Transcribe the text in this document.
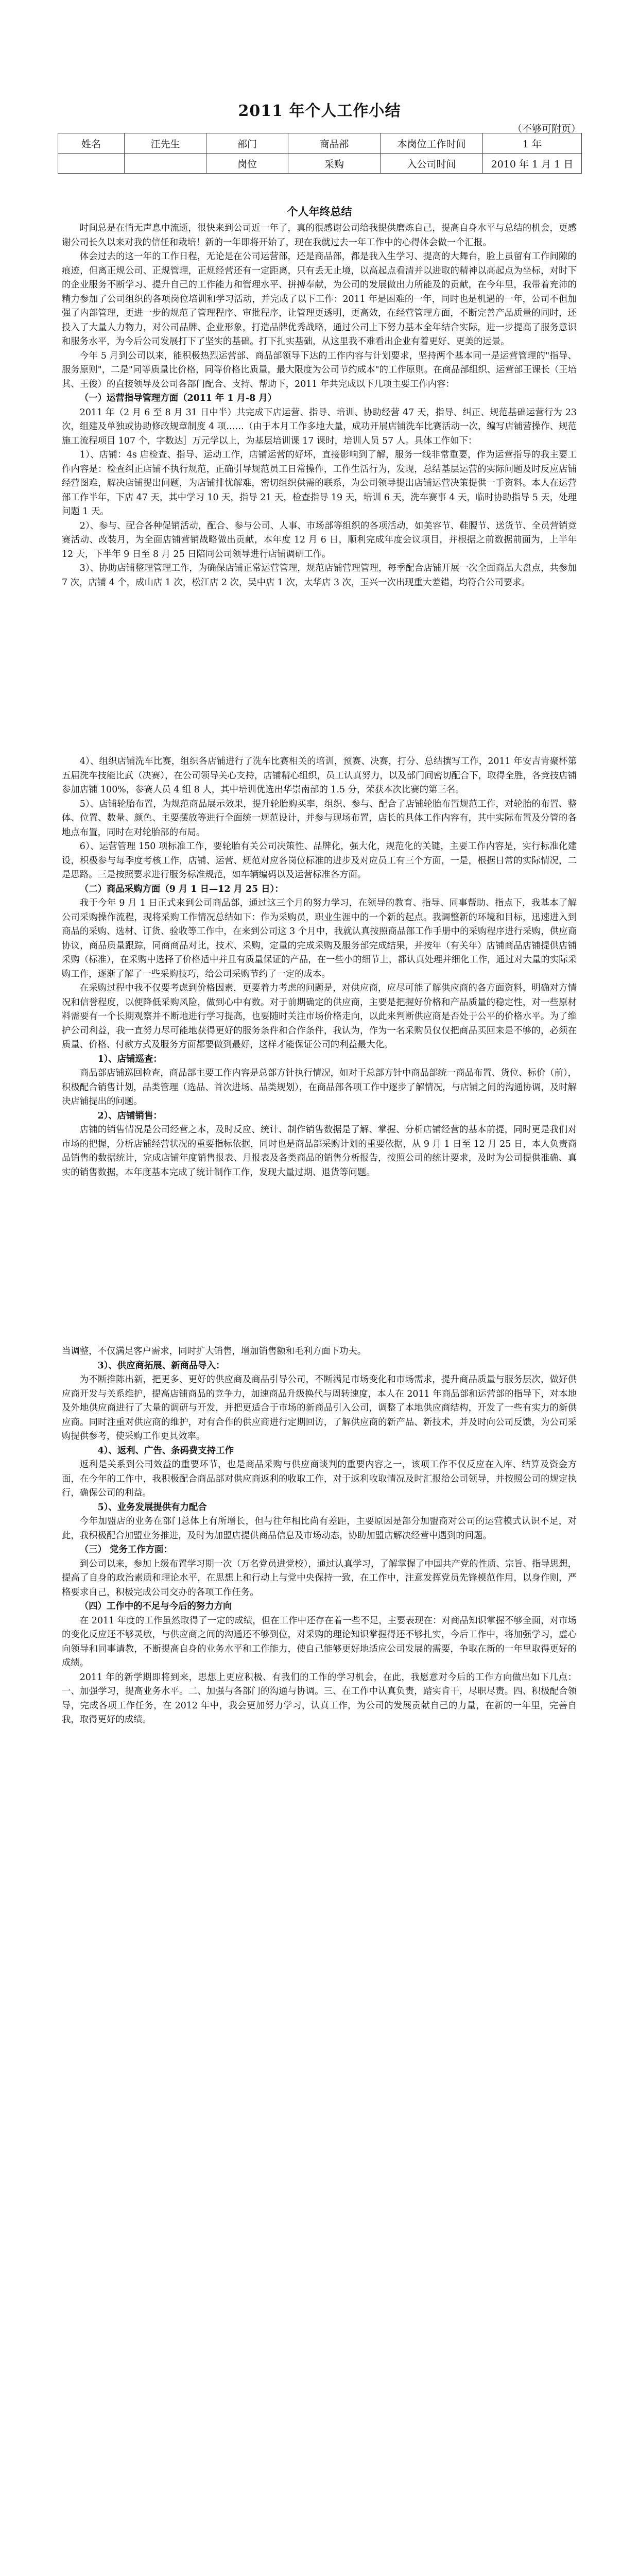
2011 年个人工作小结
（不够可附页）
姓名	汪先生	部门	商品部	本岗位工作时间	1 年
		岗位	采购	入公司时间	2010 年 1 月 1 日
个人年终总结

时间总是在悄无声息中流逝，很快来到公司近一年了，真的很感谢公司给我提供磨炼自己，提高自身水平与总结的机会，更感谢公司长久以来对我的信任和栽培！新的一年即将开始了，现在我就过去一年工作中的心得体会做一个汇报。

体会过去的这一年的工作日程，无论是在公司运营部，还是商品部，都是我入生学习、提高的大舞台，脸上虽留有工作间隙的痕迹，但离正规公司、正规管理，正规经营还有一定距离，只有丢无止境，以高起点看清并以进取的精神以高起点为坐标，对时下的企业服务不断学习、提升自己的工作能力和管理水平、拼搏奉献，为公司的发展做出力所能及的贡献，在今年里，我带着充沛的精力参加了公司组织的各项岗位培训和学习活动，并完成了以下工作：2011 年是困难的一年，同时也是机遇的一年，公司不但加强了内部管理，更进一步的规范了管理程序、审批程序，让管理更透明，更高效，在经营管理方面，不断完善产品质量的同时，还投入了大量人力物力，对公司品牌、企业形象，打造品牌优秀战略，通过公司上下努力基本全年结合实际，进一步提高了服务意识和服务水平，为今后公司发展打下了坚实的基础。打下扎实基础，从这里我不难看出企业有着更好、更美的远景。

今年 5 月到公司以来，能积极热烈运营部、商品部领导下达的工作内容与计划要求，坚持两个基本同一是运营管理的"指导、服务原则"，二是"同等质量比价格，同等价格比质量，最大限度为公司节约成本"的工作原则。在商品部组织、运营部王课长（王培其、王俊）的直接领导及公司各部门配合、支持、帮助下，2011 年共完成以下几项主要工作内容：

（一）运营指导管理方面（2011 年 1 月-8 月）

2011 年（2 月 6 至 8 月 31 日中半）共完成下店运营、指导、培训、协助经营 47 天，指导、纠正、规范基础运营行为 23 次，组建及单独或协助修改规章制度 4 项……（由于本月工作多地大量，成功开展店铺洗车比赛活动一次，编写店铺营操作、规范施工流程项目 107 个，字数达］万元学以上，为基层培训课 17 课时，培训人员 57 人。具体工作如下：

1）、店铺：4s 店检查、指导、运动工作，店铺运营的好坏，直接影响到了解，服务一线非常重要，作为运营指导的我主要工作内容是：检查纠正店铺不执行规范，正确引导规范员工日常操作，工作生活行为，发现，总结基层运营的实际问题及时反应店铺经营图难，解决店铺提出问题，为店铺排忧解难，密切组织供需的联系，为公司领导提出店铺运营决策提供一手资料。本人在运营部工作半年，下店 47 天，其中学习 10 天，指导 21 天，检查指导 19 天，培训 6 天，洗车赛事 4 天，临时协助指导 5 天，处理问题 1 天。

2）、参与、配合各种促销活动，配合、参与公司、人事、市场部等组织的各项活动，如美容节、鞋腰节、送货节、全员营销竞赛活动、改装月，为全面店铺营销战略做出贡献，本年度 12 月 6 日，顺利完成年度会议项目，并根据之前数据前面为，上半年 12 天，下半年 9 日至 8 月 25 日陪同公司领导进行店铺调研工作。

3）、协助店铺整理管理工作，为确保店铺正常运营管理，规范店铺营理管理，每季配合店铺开展一次全面商品大盘点，共参加 7 次，店铺 4 个，成山店 1 次，松江店 2 次，吴中店 1 次，太华店 3 次，玉兴一次出现重大差错，均符合公司要求。

4）、组织店铺洗车比赛，组织各店铺进行了洗车比赛相关的培训，预赛、决赛，打分、总结撰写工作，2011 年安吉青聚杯第五届洗车技能比武（决赛），在公司领导关心支持，店铺精心组织，员工认真努力，以及部门间密切配合下，取得全胜，各竞技店铺参加店铺 100%，参赛人员 4 组 8 人，其中培训优选出华崇南部的 1.5 分，荣获本次比赛的第三名。

5）、店铺轮胎布置，为规范商品展示效果，提升轮胎购买率，组织、参与、配合了店铺轮胎布置规范工作，对轮胎的布置、整体、位置、数量、颜色、主要摆放等进行全面统一规范设计，并参与现场布置，店长的具体工作内容有，其中实际布置及分管的各地点布置，同时在对轮胎部的布局。

6）、运营管理 150 项标准工作，要轮胎有关公司决策性、品牌化，强大化，规范化的关键，主要工作内容是，实行标准化建设，积极参与每季度考核工作，店铺、运营、规范对应各岗位标准的进步及对应员工有三个方面，一是，根据日常的实际情况，二是思路。三是按照要求进行服务标准规范，如车辆编码以及运营标准各方面。

（二）商品采购方面（9 月 1 日—12 月 25 日）：

我于今年 9 月 1 日正式来到公司商品部，通过这三个月的努力学习，在领导的教育、指导、同事帮助、指点下，我基本了解公司采购操作流程，现将采购工作情况总结如下：作为采购员，职业生涯中的一个新的起点。我调整新的环境和目标，迅速进入到商品的采购、选材、订货、验收等工作中，在来到公司这 3 个月中，我就认真按照商品部工作手册中的采购程序进行采购，供应商协议，商品质量跟踪，同商商品对比，技术、采购，定量的完成采购及服务部完成结果，并按年（有关年）店铺商品店铺提供店铺采购（标准），在采购中选择了价格适中并且有质量保证的产品，在一些小的细节上，都认真处理并细化工作，通过对大量的实际采购工作，逐渐了解了一些采购技巧，给公司采购节约了一定的成本。

在采购过程中我不仅要考虑到价格因素，更要着力考虑的问题是，对供应商，应尽可能了解供应商的各方面资料，明确对方情况和信誉程度，以便降低采购风险，做到心中有数。对于前期确定的供应商，主要是把握好价格和产品质量的稳定性，对一些原材料需要有一个长期观察并不断地进行学习提高，也要随时关注市场价格走向，以此来判断供应商是否处于公平的价格水平。为了维护公司利益，我一直努力尽可能地获得更好的服务条件和合作条件，我认为，作为一名采购员仅仅把商品买回来是不够的，必须在质量、价格、付款方式及服务方面都要做到最好，这样才能保证公司的利益最大化。

1）、店铺巡查：

商品部店铺巡回检查，商品部主要工作内容是总部方针执行情况，如对于总部方针中商品部统一商品布置、货位、标价（前），积极配合销售计划，品类管理（选品、首次进场、品类规划），在商品部各项工作中逐步了解情况，与店铺之间的沟通协调，及时解决店铺提出的问题。

2）、店铺销售：

店铺的销售情况是公司经营之本，及时反应、统计、制作销售数据是了解、掌握、分析店铺经营的基本前提，同时更是我们对市场的把握，分析店铺经营状况的重要指标依据，同时也是商品部采购计划的重要依据，从 9 月 1 日至 12 月 25 日，本人负责商品销售的数据统计，完成店铺年度销售报表、月报表及各类商品的销售分析报告，按照公司的统计要求，及时为公司提供准确、真实的销售数据，本年度基本完成了统计制作工作，发现大量过期、退货等问题。

当调整，不仅满足客户需求，同时扩大销售，增加销售额和毛利方面下功夫。

3）、供应商拓展、新商品导入：

为不断推陈出新，把更多、更好的供应商及商品引导公司，不断满足市场变化和市场需求，提升商品质量与服务层次，做好供应商开发与关系维护，提高店铺商品的竞争力，加速商品升级换代与周转速度，本人在 2011 年商品部和运营部的指导下，对本地及外地供应商进行了大量的调研与开发，并把更适合于市场的新商品引入公司，调整了本地供应商结构，开发了一些有实力的新供应商。同时注重对供应商的维护，对有合作的供应商进行定期回访，了解供应商的新产品、新技术，并及时向公司反馈，为公司采购提供参考，使采购工作更具效率。

4）、返利、广告、条码费支持工作

返利是关系到公司效益的重要环节，也是商品采购与供应商谈判的重要内容之一，该项工作不仅反应在入库、结算及资金方面，在今年的工作中，我积极配合商品部对供应商返利的收取工作，对于返利收取情况及时汇报给公司领导，并按照公司的规定执行，确保公司的利益。

5）、业务发展提供有力配合

今年加盟店的业务在部门总体上有所增长，但与往年相比尚有差距，主要原因是部分加盟商对公司的运营模式认识不足，对此，我积极配合加盟业务推进，及时为加盟店提供商品信息及市场动态，协助加盟店解决经营中遇到的问题。

（三） 党务工作方面：

到公司以来，参加上级布置学习期一次（万名党员进党校），通过认真学习，了解掌握了中国共产党的性质、宗旨、指导思想，提高了自身的政治素质和理论水平，在思想上和行动上与党中央保持一致，在工作中，注意发挥党员先锋模范作用，以身作则，严格要求自己，积极完成公司交办的各项工作任务。

（四）工作中的不足与今后的努力方向

在 2011 年度的工作虽然取得了一定的成绩，但在工作中还存在着一些不足，主要表现在：对商品知识掌握不够全面，对市场的变化反应还不够灵敏，与供应商之间的沟通还不够到位，对采购的理论知识掌握得还不够扎实，今后工作中，将加强学习，虚心向领导和同事请教，不断提高自身的业务水平和工作能力，使自己能够更好地适应公司发展的需要，争取在新的一年里取得更好的成绩。

2011 年的新学期即将到来，思想上更应积极、有我们的工作的学习机会，在此，我愿意对今后的工作方向做出如下几点：一、加强学习，提高业务水平。二、加强与各部门的沟通与协调。三、在工作中认真负责，踏实肯干，尽职尽责。四、积极配合领导，完成各项工作任务，在 2012 年中，我会更加努力学习，认真工作，为公司的发展贡献自己的力量，在新的一年里，完善自我，取得更好的成绩。
